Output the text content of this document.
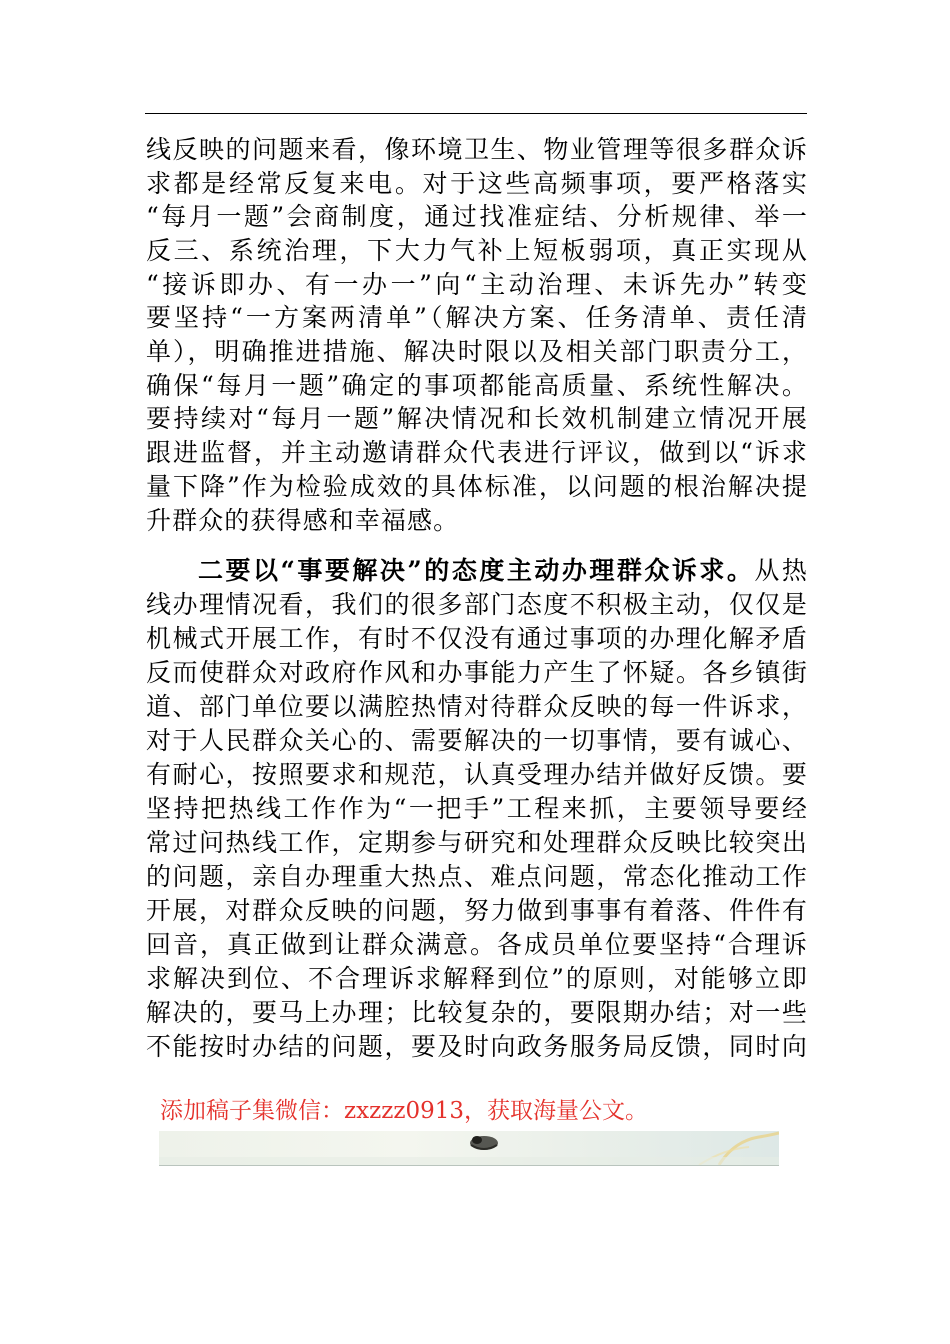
线反映的问题来看，像环境卫生、物业管理等很多群众诉
求都是经常反复来电。对于这些高频事项，要严格落实
“每月一题”会商制度，通过找准症结、分析规律、举一
反三、系统治理，下大力气补上短板弱项，真正实现从
“接诉即办、有一办一”向“主动治理、未诉先办”转变
要坚持“一方案两清单”（解决方案、任务清单、责任清
单），明确推进措施、解决时限以及相关部门职责分工，
确保“每月一题”确定的事项都能高质量、系统性解决。
要持续对“每月一题”解决情况和长效机制建立情况开展
跟进监督，并主动邀请群众代表进行评议，做到以“诉求
量下降”作为检验成效的具体标准，以问题的根治解决提
升群众的获得感和幸福感。
二要以“事要解决”的态度主动办理群众诉求。从热
线办理情况看，我们的很多部门态度不积极主动，仅仅是
机械式开展工作，有时不仅没有通过事项的办理化解矛盾
反而使群众对政府作风和办事能力产生了怀疑。各乡镇街
道、部门单位要以满腔热情对待群众反映的每一件诉求，
对于人民群众关心的、需要解决的一切事情，要有诚心、
有耐心，按照要求和规范，认真受理办结并做好反馈。要
坚持把热线工作作为“一把手”工程来抓，主要领导要经
常过问热线工作，定期参与研究和处理群众反映比较突出
的问题，亲自办理重大热点、难点问题，常态化推动工作
开展，对群众反映的问题，努力做到事事有着落、件件有
回音，真正做到让群众满意。各成员单位要坚持“合理诉
求解决到位、不合理诉求解释到位”的原则，对能够立即
解决的，要马上办理；比较复杂的，要限期办结；对一些
不能按时办结的问题，要及时向政务服务局反馈，同时向
添加稿子集微信：zxzzz0913，获取海量公文。
